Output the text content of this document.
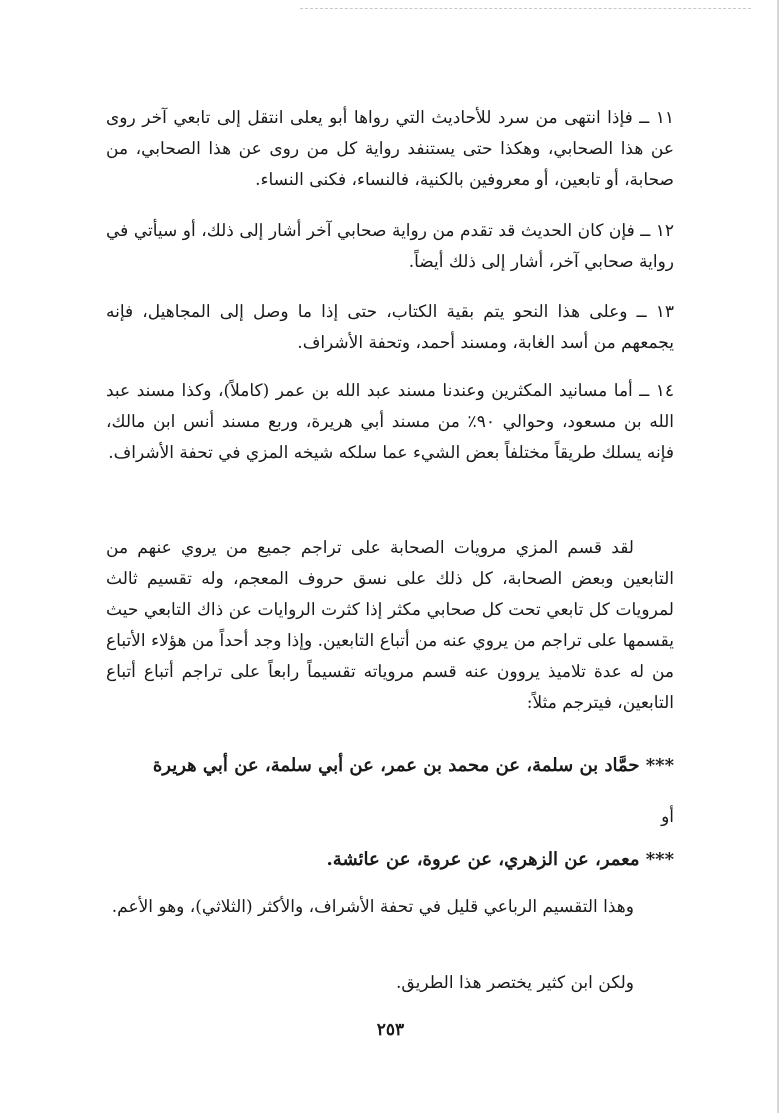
١١ ــ فإذا انتهى من سرد للأحاديث التي رواها أبو يعلى انتقل إلى تابعي آخر روى عن هذا الصحابي، وهكذا حتى يستنفد رواية كل من روى عن هذا الصحابي، من صحابة، أو تابعين، أو معروفين بالكنية، فالنساء، فكنى النساء.

١٢ ــ فإن كان الحديث قد تقدم من رواية صحابي آخر أشار إلى ذلك، أو سيأتي في رواية صحابي آخر، أشار إلى ذلك أيضاً.

١٣ ــ وعلى هذا النحو يتم بقية الكتاب، حتى إذا ما وصل إلى المجاهيل، فإنه يجمعهم من أسد الغابة، ومسند أحمد، وتحفة الأشراف.

١٤ ــ أما مسانيد المكثرين وعندنا مسند عبد الله بن عمر (كاملاً)، وكذا مسند عبد الله بن مسعود، وحوالي ٩٠٪ من مسند أبي هريرة، وربع مسند أنس ابن مالك، فإنه يسلك طريقاً مختلفاً بعض الشيء عما سلكه شيخه المزي في تحفة الأشراف.

لقد قسم المزي مرويات الصحابة على تراجم جميع من يروي عنهم من التابعين وبعض الصحابة، كل ذلك على نسق حروف المعجم، وله تقسيم ثالث لمرويات كل تابعي تحت كل صحابي مكثر إذا كثرت الروايات عن ذاك التابعي حيث يقسمها على تراجم من يروي عنه من أتباع التابعين. وإذا وجد أحداً من هؤلاء الأتباع من له عدة تلاميذ يروون عنه قسم مروياته تقسيماً رابعاً على تراجم أتباع أتباع التابعين، فيترجم مثلاً:

*** حمَّاد بن سلمة، عن محمد بن عمر، عن أبي سلمة، عن أبي هريرة
أو
*** معمر، عن الزهري، عن عروة، عن عائشة.

وهذا التقسيم الرباعي قليل في تحفة الأشراف، والأكثر (الثلاثي)، وهو الأعم.

ولكن ابن كثير يختصر هذا الطريق.

٢٥٣
